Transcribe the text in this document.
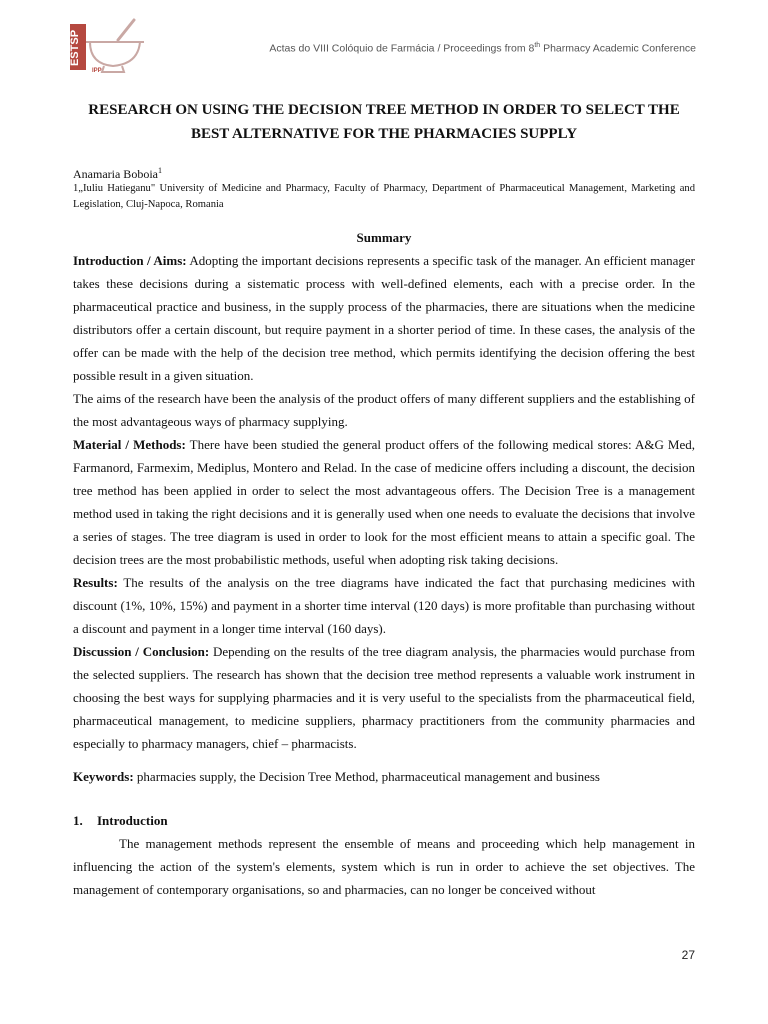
ESTSP
IPP
Actas do VIII Colóquio de Farmácia / Proceedings from 8th Pharmacy Academic Conference
RESEARCH ON USING THE DECISION TREE METHOD IN ORDER TO SELECT THE
BEST ALTERNATIVE FOR THE PHARMACIES SUPPLY
Anamaria Boboia$^1$
1„Iuliu Hatieganu" University of Medicine and Pharmacy, Faculty of Pharmacy, Department of Pharmaceutical Management, Marketing and Legislation, Cluj-Napoca, Romania
Summary

Introduction / Aims: Adopting the important decisions represents a specific task of the manager. An efficient manager takes these decisions during a sistematic process with well-defined elements, each with a precise order. In the pharmaceutical practice and business, in the supply process of the pharmacies, there are situations when the medicine distributors offer a certain discount, but require payment in a shorter period of time. In these cases, the analysis of the offer can be made with the help of the decision tree method, which permits identifying the decision offering the best possible result in a given situation.

The aims of the research have been the analysis of the product offers of many different suppliers and the establishing of the most advantageous ways of pharmacy supplying.

Material / Methods: There have been studied the general product offers of the following medical stores: A&G Med, Farmanord, Farmexim, Mediplus, Montero and Relad. In the case of medicine offers including a discount, the decision tree method has been applied in order to select the most advantageous offers. The Decision Tree is a management method used in taking the right decisions and it is generally used when one needs to evaluate the decisions that involve a series of stages. The tree diagram is used in order to look for the most efficient means to attain a specific goal. The decision trees are the most probabilistic methods, useful when adopting risk taking decisions.

Results: The results of the analysis on the tree diagrams have indicated the fact that purchasing medicines with discount (1%, 10%, 15%) and payment in a shorter time interval (120 days) is more profitable than purchasing without a discount and payment in a longer time interval (160 days).

Discussion / Conclusion: Depending on the results of the tree diagram analysis, the pharmacies would purchase from the selected suppliers. The research has shown that the decision tree method represents a valuable work instrument in choosing the best ways for supplying pharmacies and it is very useful to the specialists from the pharmaceutical field, pharmaceutical management, to medicine suppliers, pharmacy practitioners from the community pharmacies and especially to pharmacy managers, chief – pharmacists.

Keywords: pharmacies supply, the Decision Tree Method, pharmaceutical management and business

1. Introduction

The management methods represent the ensemble of means and proceeding which help management in influencing the action of the system's elements, system which is run in order to achieve the set objectives. The management of contemporary organisations, so and pharmacies, can no longer be conceived without

27
